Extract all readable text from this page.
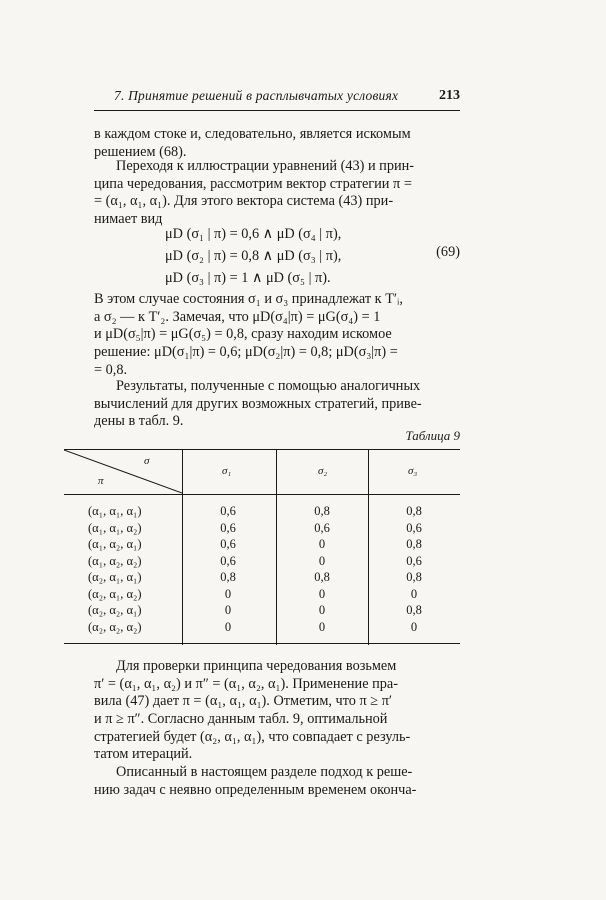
7. Принятие решений в расплывчатых условиях	213
в каждом стоке и, следовательно, является искомым
решением (68).
Переходя к иллюстрации уравнений (43) и прин-
ципа чередования, рассмотрим вектор стратегии π =
= (α₁, α₁, α₁). Для этого вектора система (43) при-
нимает вид
μD (σ₁ | π) = 0,6 ∧ μD (σ₄ | π),
μD (σ₂ | π) = 0,8 ∧ μD (σ₃ | π),
μD (σ₃ | π) = 1 ∧ μD (σ₅ | π).
(69)
В этом случае состояния σ₁ и σ₃ принадлежат к T′ᵢ,
а σ₂ — к T′₂. Замечая, что μD(σ₄|π) = μG(σ₄) = 1
и μD(σ₅|π) = μG(σ₅) = 0,8, сразу находим искомое
решение: μD(σ₁|π) = 0,6; μD(σ₂|π) = 0,8; μD(σ₃|π) =
= 0,8.
Результаты, полученные с помощью аналогичных
вычислений для других возможных стратегий, приве-
дены в табл. 9.
Таблица 9
σ
π
σ₁	σ₂	σ₃
(α₁, α₁, α₁)	0,6	0,8	0,8
(α₁, α₁, α₂)	0,6	0,6	0,6
(α₁, α₂, α₁)	0,6	0	0,8
(α₁, α₂, α₂)	0,6	0	0,6
(α₂, α₁, α₁)	0,8	0,8	0,8
(α₂, α₁, α₂)	0	0	0
(α₂, α₂, α₁)	0	0	0,8
(α₂, α₂, α₂)	0	0	0
Для проверки принципа чередования возьмем
π′ = (α₁, α₁, α₂) и π″ = (α₁, α₂, α₁). Применение пра-
вила (47) дает π = (α₁, α₁, α₁). Отметим, что π ≥ π′
и π ≥ π″. Согласно данным табл. 9, оптимальной
стратегией будет (α₂, α₁, α₁), что совпадает с резуль-
татом итераций.
Описанный в настоящем разделе подход к решe-
нию задач с неявно определенным временем оконча-
